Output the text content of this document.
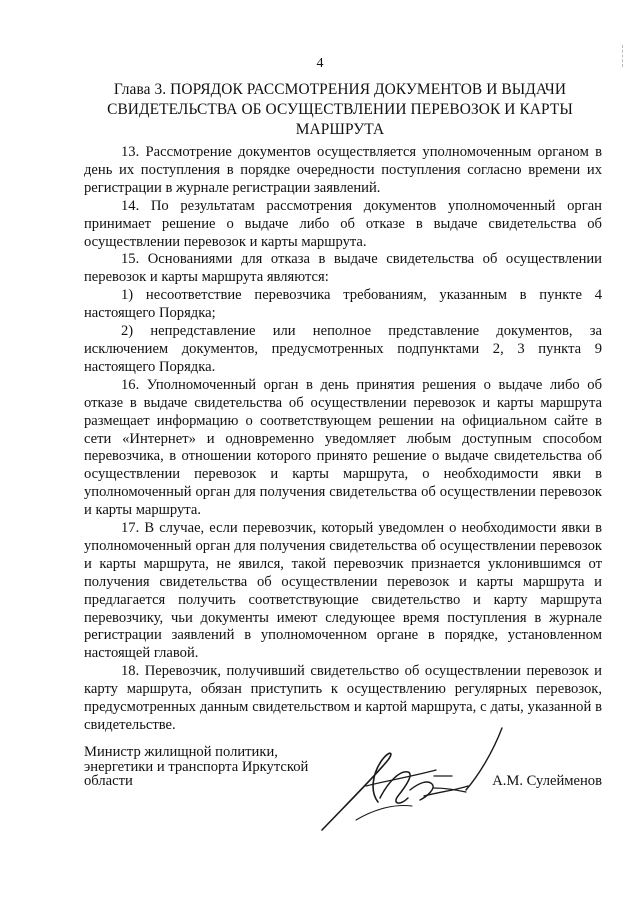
4
Глава 3. ПОРЯДОК РАССМОТРЕНИЯ ДОКУМЕНТОВ И ВЫДАЧИ СВИДЕТЕЛЬСТВА ОБ ОСУЩЕСТВЛЕНИИ ПЕРЕВОЗОК И КАРТЫ МАРШРУТА

13. Рассмотрение документов осуществляется уполномоченным органом в день их поступления в порядке очередности поступления согласно времени их регистрации в журнале регистрации заявлений.

14. По результатам рассмотрения документов уполномоченный орган принимает решение о выдаче либо об отказе в выдаче свидетельства об осуществлении перевозок и карты маршрута.

15. Основаниями для отказа в выдаче свидетельства об осуществлении перевозок и карты маршрута являются:

1) несоответствие перевозчика требованиям, указанным в пункте 4 настоящего Порядка;

2) непредставление или неполное представление документов, за исключением документов, предусмотренных подпунктами 2, 3 пункта 9 настоящего Порядка.

16. Уполномоченный орган в день принятия решения о выдаче либо об отказе в выдаче свидетельства об осуществлении перевозок и карты маршрута размещает информацию о соответствующем решении на официальном сайте в сети «Интернет» и одновременно уведомляет любым доступным способом перевозчика, в отношении которого принято решение о выдаче свидетельства об осуществлении перевозок и карты маршрута, о необходимости явки в уполномоченный орган для получения свидетельства об осуществлении перевозок и карты маршрута.

17. В случае, если перевозчик, который уведомлен о необходимости явки в уполномоченный орган для получения свидетельства об осуществлении перевозок и карты маршрута, не явился, такой перевозчик признается уклонившимся от получения свидетельства об осуществлении перевозок и карты маршрута и предлагается получить соответствующие свидетельство и карту маршрута перевозчику, чьи документы имеют следующее время поступления в журнале регистрации заявлений в уполномоченном органе в порядке, установленном настоящей главой.

18. Перевозчик, получивший свидетельство об осуществлении перевозок и карту маршрута, обязан приступить к осуществлению регулярных перевозок, предусмотренных данным свидетельством и картой маршрута, с даты, указанной в свидетельстве.

Министр жилищной политики, энергетики и транспорта Иркутской области	А.М. Сулейменов
